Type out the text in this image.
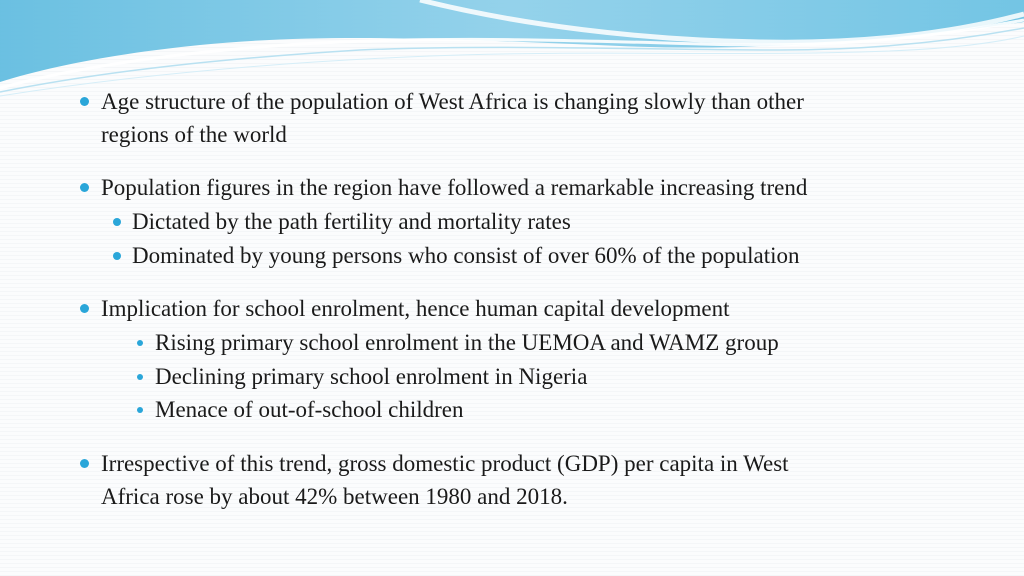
Age structure of the population of West Africa is changing slowly than other
regions of the world
Population figures in the region have followed a remarkable increasing trend
Dictated by the path fertility and mortality rates
Dominated by young persons who consist of over 60% of the population
Implication for school enrolment, hence human capital development
Rising primary school enrolment in the UEMOA and WAMZ group
Declining primary school enrolment in Nigeria
Menace of out-of-school children
Irrespective of this trend, gross domestic product (GDP) per capita in West
Africa rose by about 42% between 1980 and 2018.
